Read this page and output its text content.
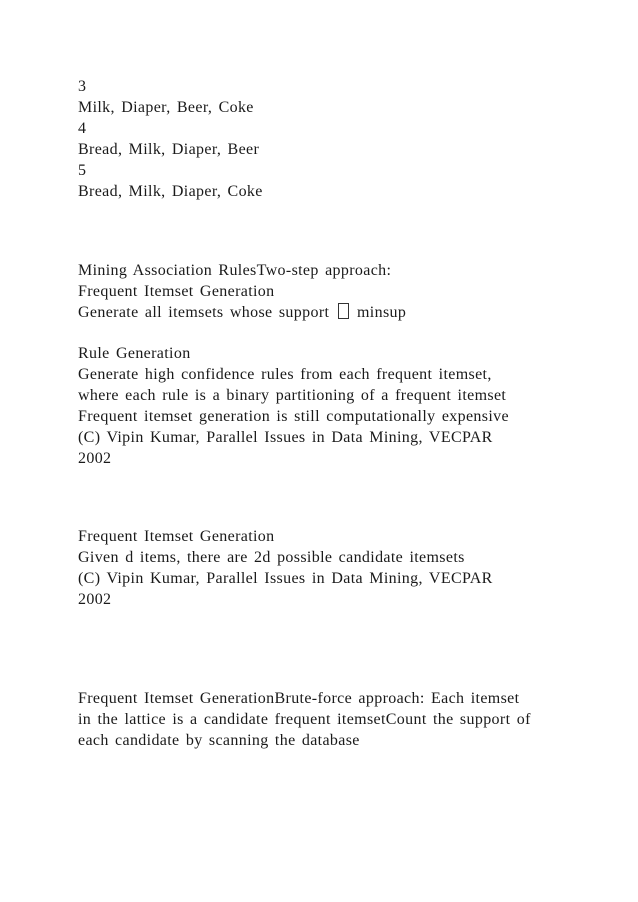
3
Milk, Diaper, Beer, Coke
4
Bread, Milk, Diaper, Beer
5
Bread, Milk, Diaper, Coke
Mining Association RulesTwo-step approach:
Frequent Itemset Generation
Generate all itemsets whose support minsup
Rule Generation
Generate high confidence rules from each frequent itemset,
where each rule is a binary partitioning of a frequent itemset
Frequent itemset generation is still computationally expensive
(C) Vipin Kumar, Parallel Issues in Data Mining, VECPAR
2002
Frequent Itemset Generation
Given d items, there are 2d possible candidate itemsets
(C) Vipin Kumar, Parallel Issues in Data Mining, VECPAR
2002
Frequent Itemset GenerationBrute-force approach: Each itemset
in the lattice is a candidate frequent itemsetCount the support of
each candidate by scanning the database
